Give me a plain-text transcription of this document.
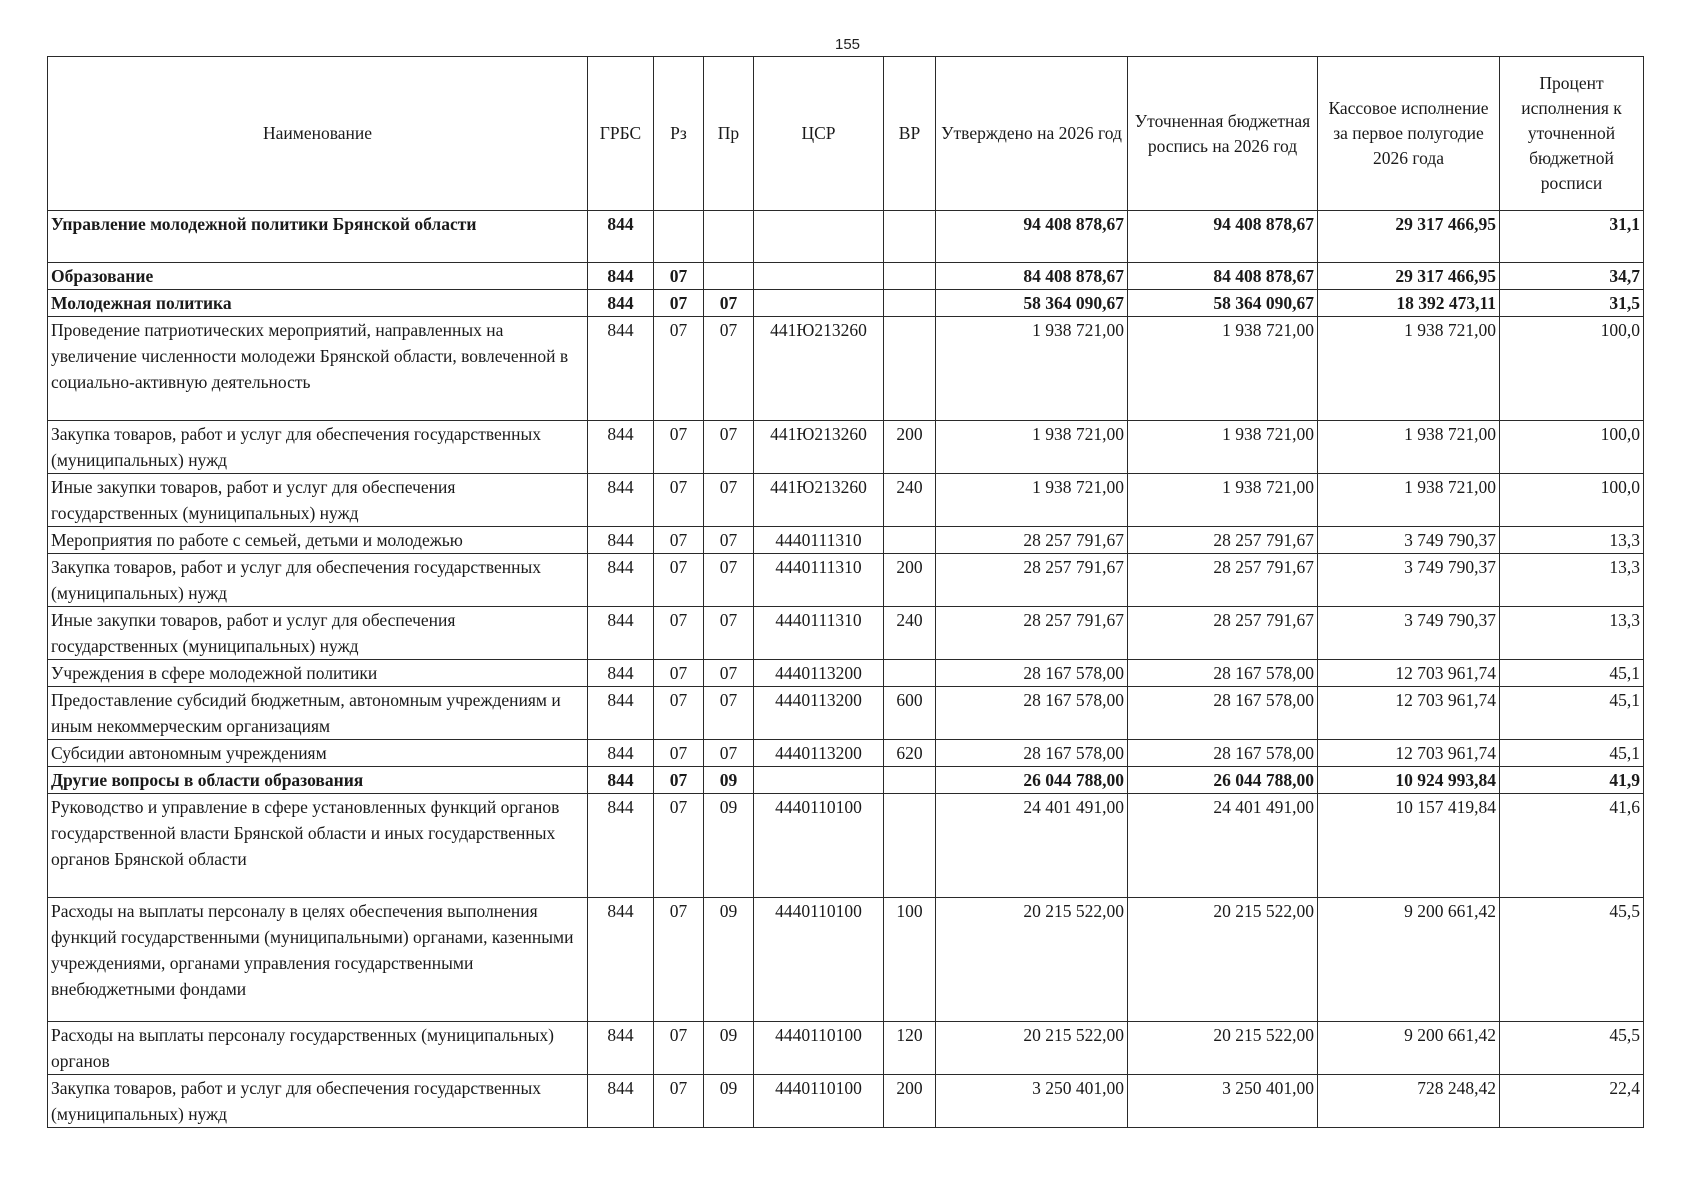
155
Наименование	ГРБС	Рз	Пр	ЦСР	ВР	Утверждено на 2026 год	Уточненная бюджетная роспись на 2026 год	Кассовое исполнение за первое полугодие 2026 года	Процент исполнения к уточненной бюджетной росписи
Управление молодежной политики Брянской области	844					94 408 878,67	94 408 878,67	29 317 466,95	31,1
Образование	844	07				84 408 878,67	84 408 878,67	29 317 466,95	34,7
Молодежная политика	844	07	07			58 364 090,67	58 364 090,67	18 392 473,11	31,5
Проведение патриотических мероприятий, направленных на увеличение численности молодежи Брянской области, вовлеченной в социально-активную деятельность	844	07	07	441Ю213260		1 938 721,00	1 938 721,00	1 938 721,00	100,0
Закупка товаров, работ и услуг для обеспечения государственных (муниципальных) нужд	844	07	07	441Ю213260	200	1 938 721,00	1 938 721,00	1 938 721,00	100,0
Иные закупки товаров, работ и услуг для обеспечения государственных (муниципальных) нужд	844	07	07	441Ю213260	240	1 938 721,00	1 938 721,00	1 938 721,00	100,0
Мероприятия по работе с семьей, детьми и молодежью	844	07	07	4440111310		28 257 791,67	28 257 791,67	3 749 790,37	13,3
Закупка товаров, работ и услуг для обеспечения государственных (муниципальных) нужд	844	07	07	4440111310	200	28 257 791,67	28 257 791,67	3 749 790,37	13,3
Иные закупки товаров, работ и услуг для обеспечения государственных (муниципальных) нужд	844	07	07	4440111310	240	28 257 791,67	28 257 791,67	3 749 790,37	13,3
Учреждения в сфере молодежной политики	844	07	07	4440113200		28 167 578,00	28 167 578,00	12 703 961,74	45,1
Предоставление субсидий бюджетным, автономным учреждениям и иным некоммерческим организациям	844	07	07	4440113200	600	28 167 578,00	28 167 578,00	12 703 961,74	45,1
Субсидии автономным учреждениям	844	07	07	4440113200	620	28 167 578,00	28 167 578,00	12 703 961,74	45,1
Другие вопросы в области образования	844	07	09			26 044 788,00	26 044 788,00	10 924 993,84	41,9
Руководство и управление в сфере установленных функций органов государственной власти Брянской области и иных государственных органов Брянской области	844	07	09	4440110100		24 401 491,00	24 401 491,00	10 157 419,84	41,6
Расходы на выплаты персоналу в целях обеспечения выполнения функций государственными (муниципальными) органами, казенными учреждениями, органами управления государственными внебюджетными фондами	844	07	09	4440110100	100	20 215 522,00	20 215 522,00	9 200 661,42	45,5
Расходы на выплаты персоналу государственных (муниципальных) органов	844	07	09	4440110100	120	20 215 522,00	20 215 522,00	9 200 661,42	45,5
Закупка товаров, работ и услуг для обеспечения государственных (муниципальных) нужд	844	07	09	4440110100	200	3 250 401,00	3 250 401,00	728 248,42	22,4
